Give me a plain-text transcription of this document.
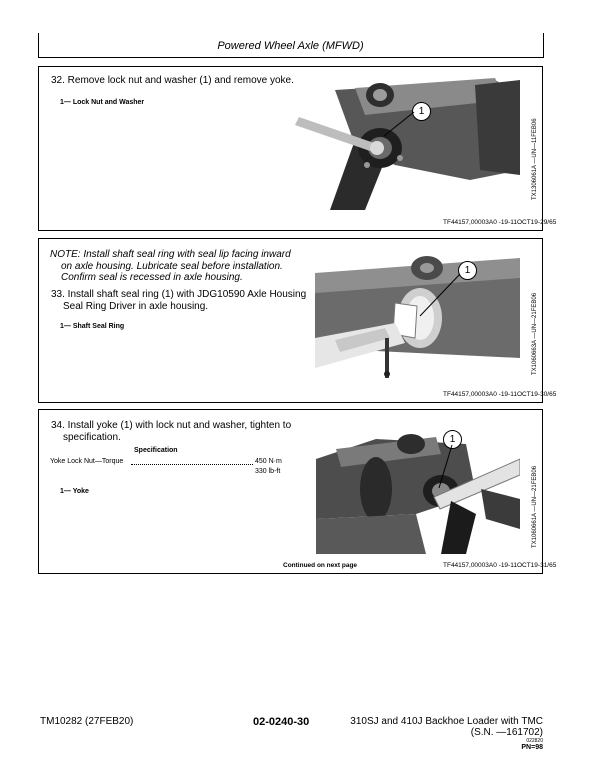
Powered Wheel Axle (MFWD)
32. Remove lock nut and washer (1) and remove yoke.
1— Lock Nut and Washer
1
TX1306061A —UN—11FEB06
TF44157,00003A0 -19-11OCT19-29/65
NOTE: Install shaft seal ring with seal lip facing inward
on axle housing. Lubricate seal before installation.
Confirm seal is recessed in axle housing.
33. Install shaft seal ring (1) with JDG10590 Axle Housing
Seal Ring Driver in axle housing.
1— Shaft Seal Ring
1
TX1060663A —UN—21FEB06
TF44157,00003A0 -19-11OCT19-30/65
34. Install yoke (1) with lock nut and washer, tighten to
specification.
Specification
Yoke Lock Nut—Torque	450 N·m
330 lb-ft
1— Yoke
1
TX1060661A —UN—21FEB06
Continued on next page	TF44157,00003A0 -19-11OCT19-31/65
TM10282 (27FEB20)	02-0240-30	310SJ and 410J Backhoe Loader with TMC
(S.N. —161702)
022820
PN=98
